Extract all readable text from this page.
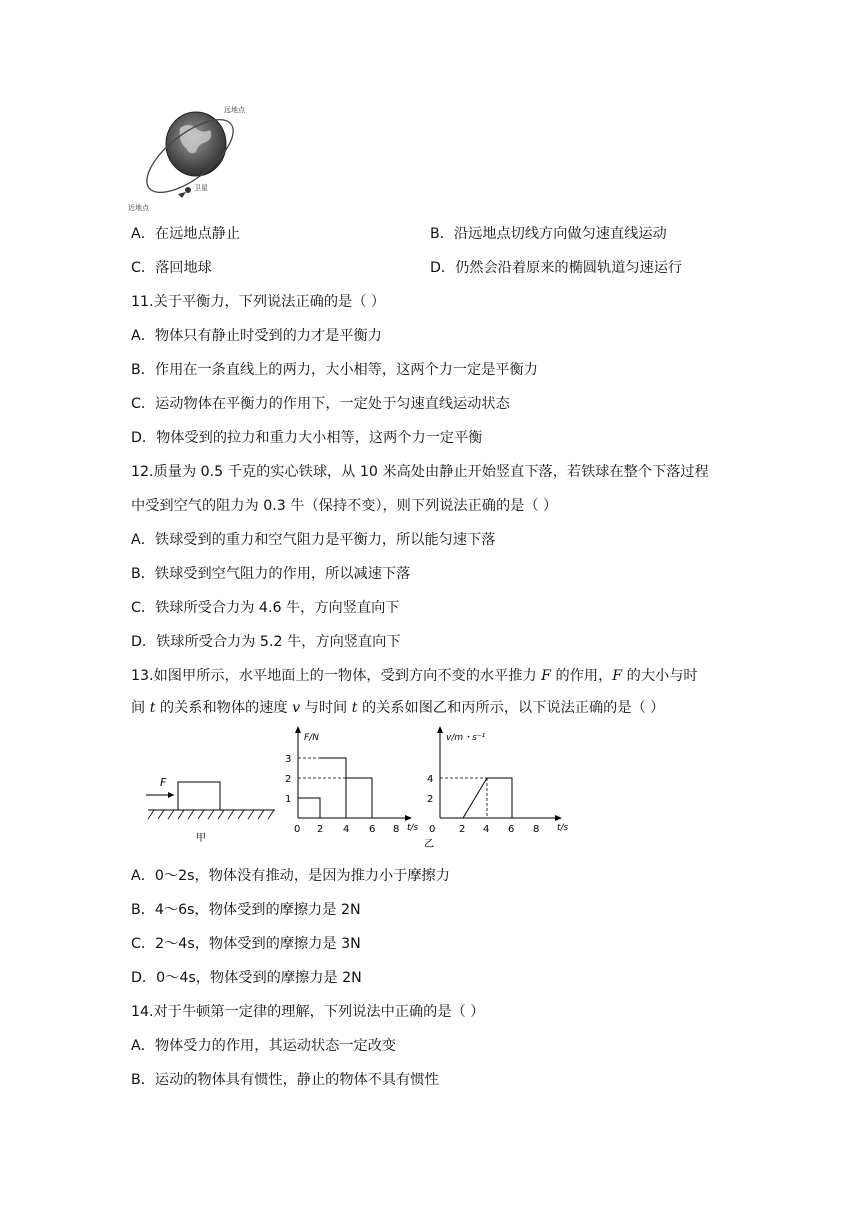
远地点
卫星
近地点
A．在远地点静止	B．沿远地点切线方向做匀速直线运动
C．落回地球	D．仍然会沿着原来的椭圆轨道匀速运行
11.关于平衡力，下列说法正确的是（ ）
A．物体只有静止时受到的力才是平衡力
B．作用在一条直线上的两力，大小相等，这两个力一定是平衡力
C．运动物体在平衡力的作用下，一定处于匀速直线运动状态
D．物体受到的拉力和重力大小相等，这两个力一定平衡
12.质量为 0.5 千克的实心铁球，从 10 米高处由静止开始竖直下落，若铁球在整个下落过程
中受到空气的阻力为 0.3 牛（保持不变），则下列说法正确的是（ ）
A．铁球受到的重力和空气阻力是平衡力，所以能匀速下落
B．铁球受到空气阻力的作用，所以减速下落
C．铁球所受合力为 4.6 牛，方向竖直向下
D．铁球所受合力为 5.2 牛，方向竖直向下
13.如图甲所示，水平地面上的一物体，受到方向不变的水平推力 F 的作用，F 的大小与时
间 t 的关系和物体的速度 v 与时间 t 的关系如图乙和丙所示，以下说法正确的是（ ）
F
甲
F/N
t/s
1
2
3
0 2 4 6 8
v/m・s⁻¹
t/s
2
4
0 2 4 6 8
乙
A．0～2s，物体没有推动，是因为推力小于摩擦力
B．4～6s，物体受到的摩擦力是 2N
C．2～4s，物体受到的摩擦力是 3N
D．0～4s，物体受到的摩擦力是 2N
14.对于牛顿第一定律的理解，下列说法中正确的是（ ）
A．物体受力的作用，其运动状态一定改变
B．运动的物体具有惯性，静止的物体不具有惯性
